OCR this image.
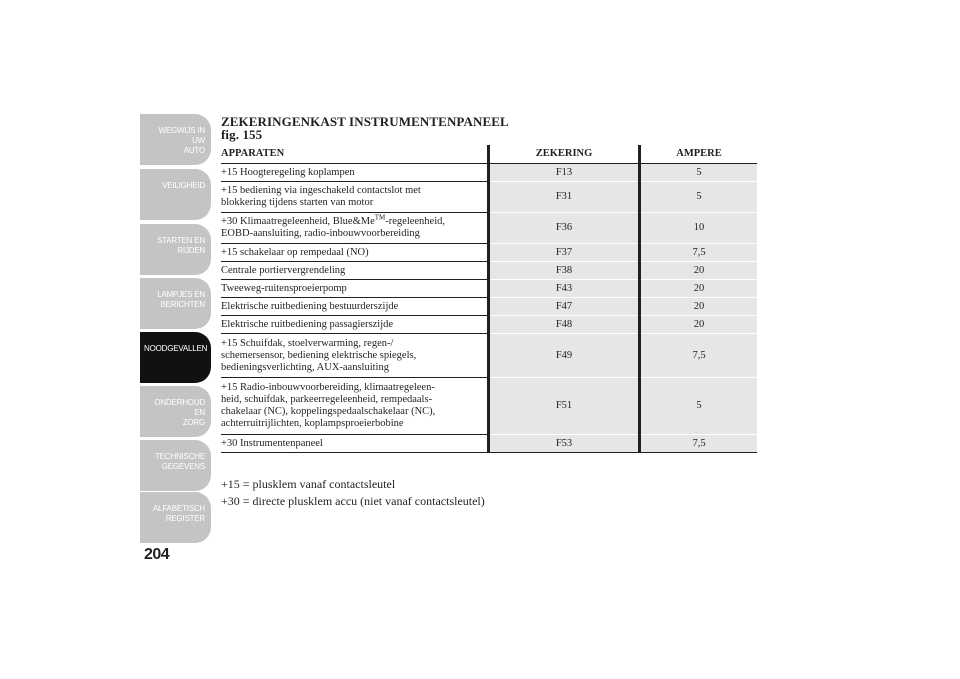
WEGWIJS IN UW
AUTO
VEILIGHEID
STARTEN EN
RIJDEN
LAMPJES EN
BERICHTEN
NOODGEVALLEN
ONDERHOUD EN
ZORG
TECHNISCHE
GEGEVENS
ALFABETISCH
REGISTER
204
ZEKERINGENKAST INSTRUMENTENPANEEL
fig. 155
APPARATEN	ZEKERING	AMPERE

+15 Hoogteregeling koplampen	F13	5

+15 bediening via ingeschakeld contactslot met
blokkering tijdens starten van motor	F31	5

+30 Klimaatregeleenheid, Blue&Me™-regeleenheid,
EOBD-aansluiting, radio-inbouwvoorbereiding	F36	10

+15 schakelaar op rempedaal (NO)	F37	7,5

Centrale portiervergrendeling	F38	20

Tweeweg-ruitensproeierpomp	F43	20

Elektrische ruitbediening bestuurderszijde	F47	20

Elektrische ruitbediening passagierszijde	F48	20

+15 Schuifdak, stoelverwarming, regen-/
schemersensor, bediening elektrische spiegels,
bedieningsverlichting, AUX-aansluiting	F49	7,5

+15 Radio-inbouwvoorbereiding, klimaatregeleen-
heid, schuifdak, parkeerregeleenheid, rempedaals-
chakelaar (NC), koppelingspedaalschakelaar (NC),
achterruitrijlichten, koplampsproeierbobine	F51	5

+30 Instrumentenpaneel	F53	7,5
+15 = plusklem vanaf contactsleutel
+30 = directe plusklem accu (niet vanaf contactsleutel)
